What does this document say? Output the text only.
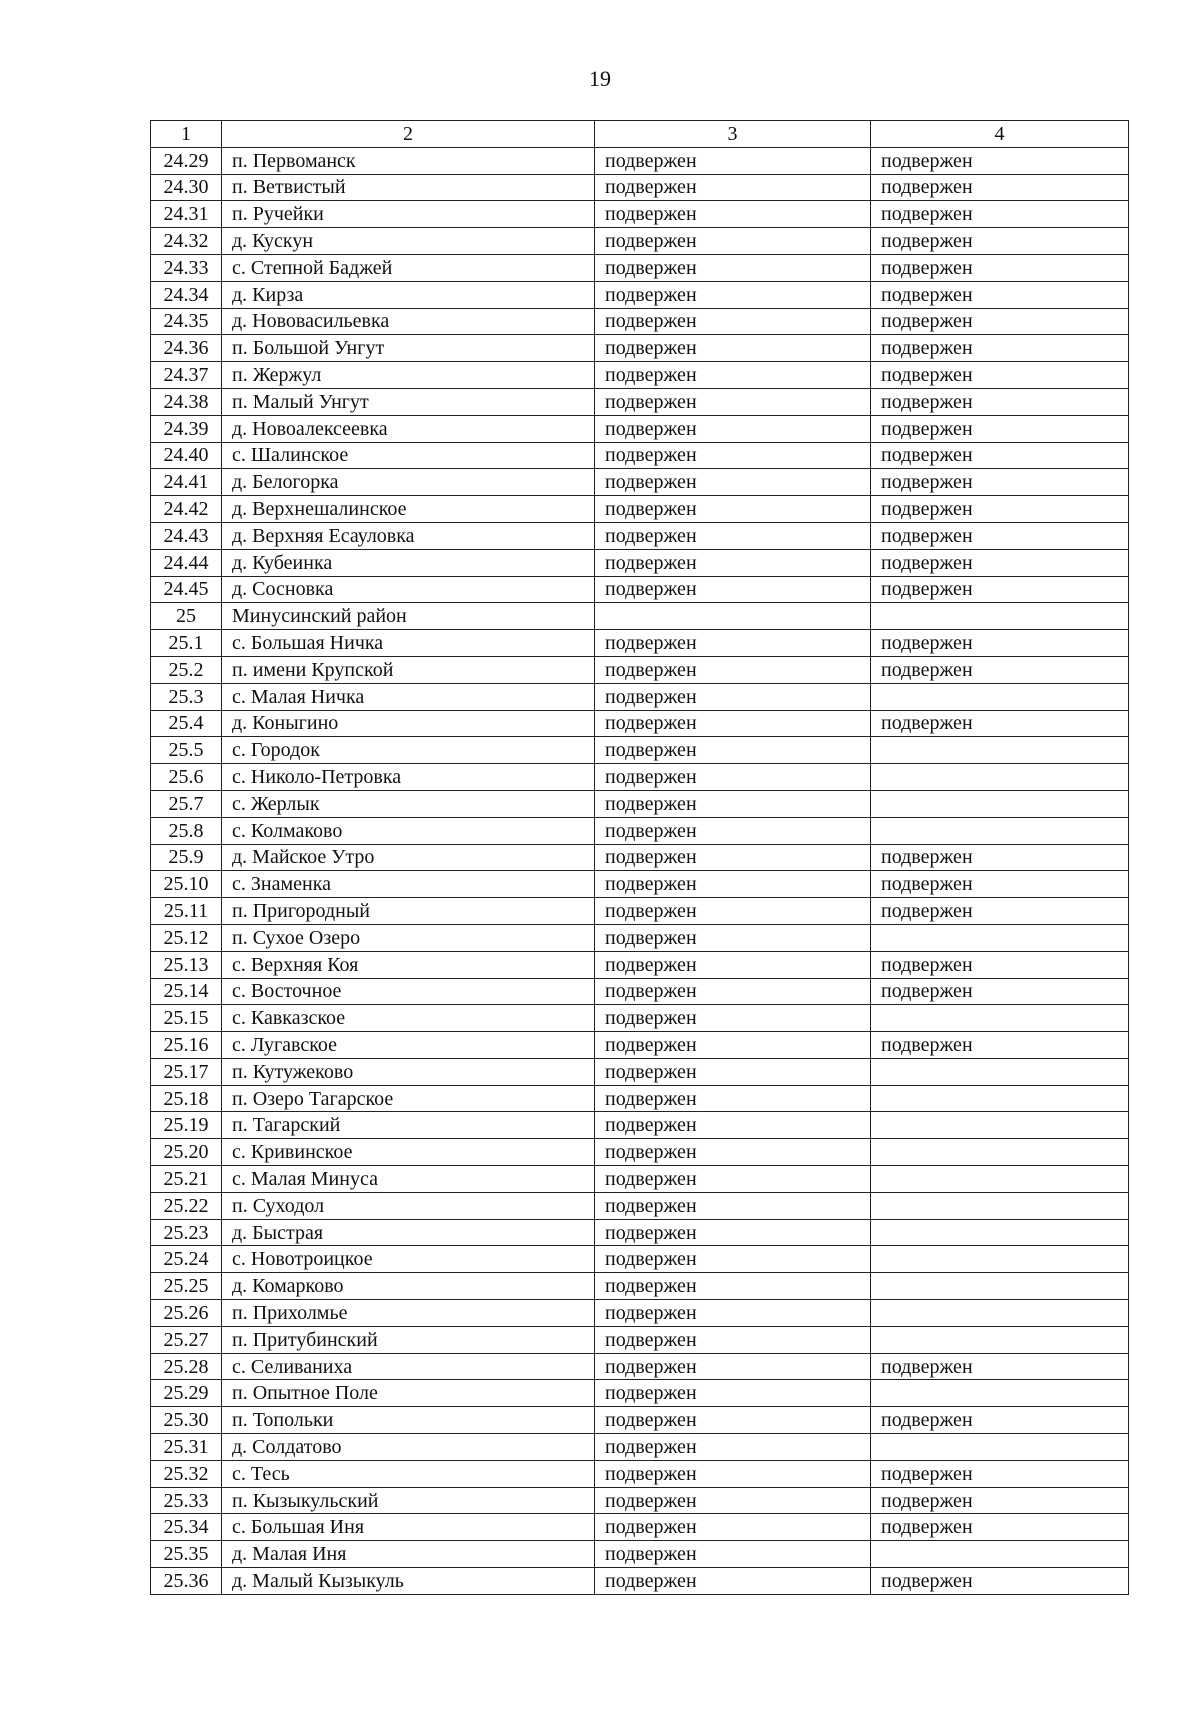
19
1	2	3	4
24.29	п. Первоманск	подвержен	подвержен
24.30	п. Ветвистый	подвержен	подвержен
24.31	п. Ручейки	подвержен	подвержен
24.32	д. Кускун	подвержен	подвержен
24.33	с. Степной Баджей	подвержен	подвержен
24.34	д. Кирза	подвержен	подвержен
24.35	д. Нововасильевка	подвержен	подвержен
24.36	п. Большой Унгут	подвержен	подвержен
24.37	п. Жержул	подвержен	подвержен
24.38	п. Малый Унгут	подвержен	подвержен
24.39	д. Новоалексеевка	подвержен	подвержен
24.40	с. Шалинское	подвержен	подвержен
24.41	д. Белогорка	подвержен	подвержен
24.42	д. Верхнешалинское	подвержен	подвержен
24.43	д. Верхняя Есауловка	подвержен	подвержен
24.44	д. Кубеинка	подвержен	подвержен
24.45	д. Сосновка	подвержен	подвержен
25	Минусинский район		
25.1	с. Большая Ничка	подвержен	подвержен
25.2	п. имени Крупской	подвержен	подвержен
25.3	с. Малая Ничка	подвержен	
25.4	д. Коныгино	подвержен	подвержен
25.5	с. Городок	подвержен	
25.6	с. Николо-Петровка	подвержен	
25.7	с. Жерлык	подвержен	
25.8	с. Колмаково	подвержен	
25.9	д. Майское Утро	подвержен	подвержен
25.10	с. Знаменка	подвержен	подвержен
25.11	п. Пригородный	подвержен	подвержен
25.12	п. Сухое Озеро	подвержен	
25.13	с. Верхняя Коя	подвержен	подвержен
25.14	с. Восточное	подвержен	подвержен
25.15	с. Кавказское	подвержен	
25.16	с. Лугавское	подвержен	подвержен
25.17	п. Кутужеково	подвержен	
25.18	п. Озеро Тагарское	подвержен	
25.19	п. Тагарский	подвержен	
25.20	с. Кривинское	подвержен	
25.21	с. Малая Минуса	подвержен	
25.22	п. Суходол	подвержен	
25.23	д. Быстрая	подвержен	
25.24	с. Новотроицкое	подвержен	
25.25	д. Комарково	подвержен	
25.26	п. Прихолмье	подвержен	
25.27	п. Притубинский	подвержен	
25.28	с. Селиваниха	подвержен	подвержен
25.29	п. Опытное Поле	подвержен	
25.30	п. Топольки	подвержен	подвержен
25.31	д. Солдатово	подвержен	
25.32	с. Тесь	подвержен	подвержен
25.33	п. Кызыкульский	подвержен	подвержен
25.34	с. Большая Иня	подвержен	подвержен
25.35	д. Малая Иня	подвержен	
25.36	д. Малый Кызыкуль	подвержен	подвержен
